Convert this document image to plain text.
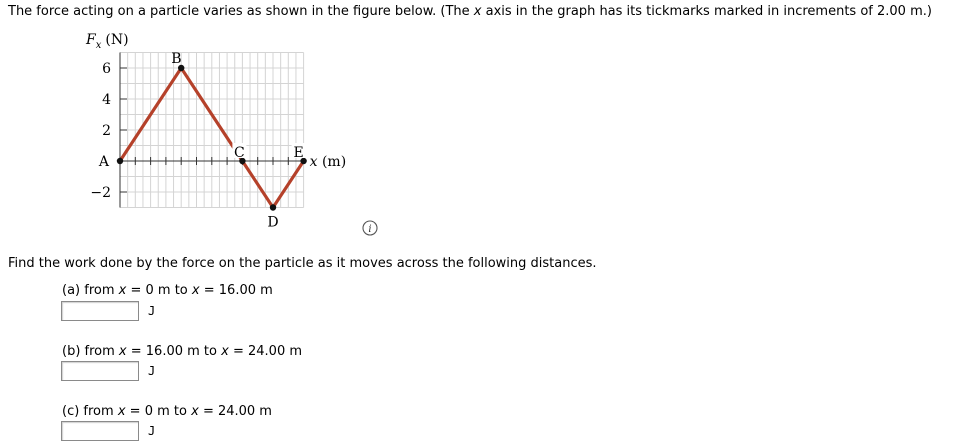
The force acting on a particle varies as shown in the figure below. (The x axis in the graph has its tickmarks marked in increments of 2.00 m.)
6
4
2
−2
$F_x$ (N)
A
B
C
D
E
x (m)
i
Find the work done by the force on the particle as it moves across the following distances.
(a) from x = 0 m to x = 16.00 m
J
(b) from x = 16.00 m to x = 24.00 m
J
(c) from x = 0 m to x = 24.00 m
J
